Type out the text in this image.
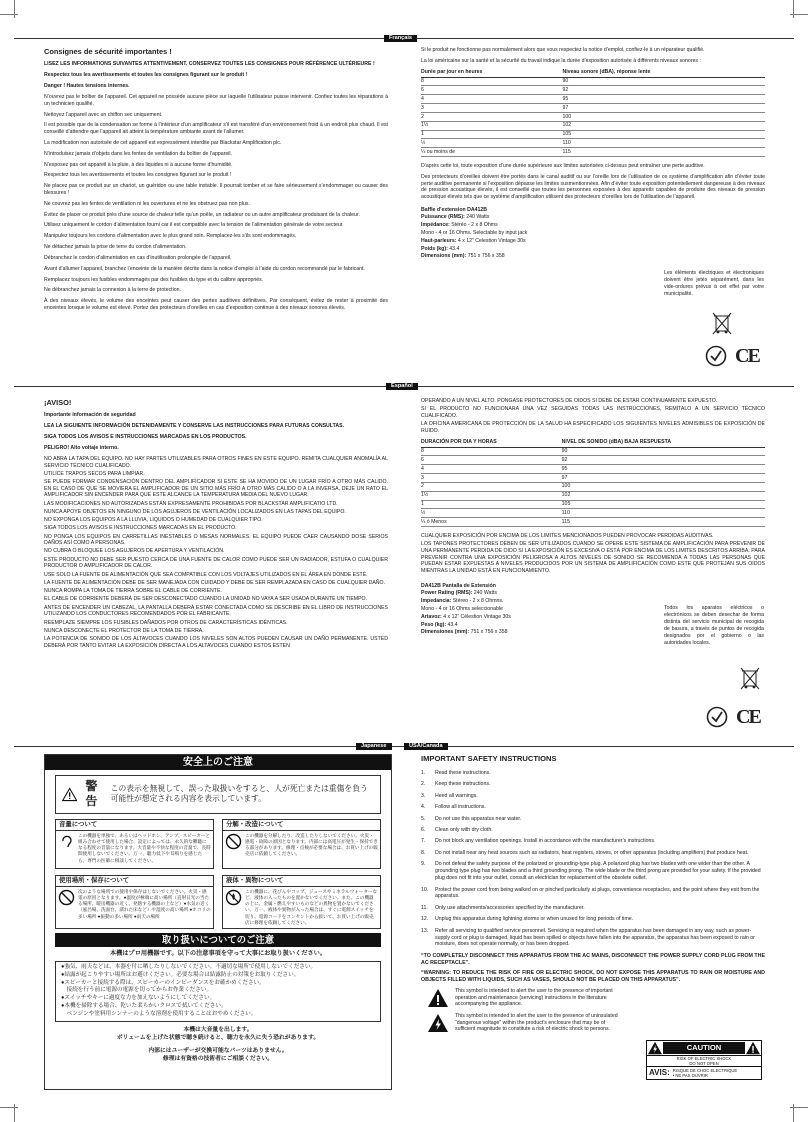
Français
Consignes de sécurité importantes !

LISEZ LES INFORMATIONS SUIVANTES ATTENTIVEMENT. CONSERVEZ TOUTES LES CONSIGNES POUR RÉFÉRENCE ULTÉRIEURE !

Respectez tous les avertissements et toutes les consignes figurant sur le produit !

Danger ! Hautes tensions internes.

N’ouvrez pas le boîtier de l’appareil. Cet appareil ne possède aucune pièce sur laquelle l’utilisateur puisse intervenir. Confiez toutes les réparations à un technicien qualifié.

Nettoyez l’appareil avec un chiffon sec uniquement.

Il est possible que de la condensation se forme à l’intérieur d’un amplificateur s’il est transféré d’un environnement froid à un endroit plus chaud. Il est conseillé d’attendre que l’appareil ait atteint la température ambiante avant de l’allumer.

La modification non autorisée de cet appareil est expressément interdite par Blackstar Amplification plc.

N’introduisez jamais d’objets dans les fentes de ventilation du boîtier de l’appareil.

N’exposez pas cet appareil à la pluie, à des liquides ni à aucune forme d’humidité.

Respectez tous les avertissements et toutes les consignes figurant sur le produit !

Ne placez pas ce produit sur un chariot, un guéridon ou une table instable. Il pourrait tomber et se faire sérieusement s’endommager ou causer des blessures !

Ne couvrez pas les fentes de ventilation ni les ouvertures et ne les obstruez pas non plus.

Évitez de placer ce produit près d’une source de chaleur telle qu’un poêle, un radiateur ou un autre amplificateur produisant de la chaleur.

Utilisez uniquement le cordon d’alimentation fourni car il est compatible avec la tension de l’alimentation générale de votre secteur.

Manipulez toujours les cordons d’alimentation avec le plus grand soin. Remplacez-les s’ils sont endommagés.

Ne détachez jamais la prise de terre du cordon d’alimentation.

Débranchez le cordon d’alimentation en cas d’inutilisation prolongée de l’appareil.

Avant d’allumer l’appareil, branchez l’enceinte de la manière décrite dans la notice d’emploi à l’aide du cordon recommandé par le fabricant.

Remplacez toujours les fusibles endommagés par des fusibles du type et du calibre appropriés.

Ne débranchez jamais la connexion à la terre de protection.

À des niveaux élevés, le volume des enceintes peut causer des pertes auditives définitives. Par conséquent, évitez de rester à proximité des enceintes lorsque le volume est élevé. Portez des protecteurs d’oreilles en cas d’exposition continue à des niveaux sonores élevés.

Si le produit ne fonctionne pas normalement alors que vous respectez la notice d’emploi, confiez-le à un réparateur qualifié.

La loi américaine sur la santé et la sécurité du travail indique la durée d’exposition autorisée à différents niveaux sonores :

Durée par jour en heures	Niveau sonore (dBA), réponse lente
8	90
6	92
4	95
3	97
2	100
1½	102
1	105
½	110
¼ ou moins de	115

D’après cette loi, toute exposition d’une durée supérieure aux limites autorisées ci-dessus peut entraîner une perte auditive.

Des protecteurs d’oreilles doivent être portés dans le canal auditif ou sur l’oreille lors de l’utilisation de ce système d’amplification afin d’éviter toute perte auditive permanente si l’exposition dépasse les limites susmentionnées. Afin d’éviter toute exposition potentiellement dangereuse à des niveaux de pression acoustique élevés, il est conseillé que toutes les personnes exposées à des appareils capables de produire des niveaux de pression acoustique élevés tels que ce système d’amplification utilisent des protecteurs d’oreilles lors de l’utilisation de l’appareil.

Baffle d’extension DA412B
Puissance (RMS): 240 Watts
Impédance: Stéréo - 2 x 8 Ohms
Mono - 4 or 16 Ohms. Selectable by input jack
Haut-parleurs: 4 x 12” Celestion Vintage 30s
Poids (kg): 43.4
Dimensions (mm): 751 x 756 x 358
Les éléments électriques et électroniques doivent être jetés séparément, dans les vide-ordures prévus à cet effet par votre municipalité.
CE
Español
¡AVISO!

Importante información de seguridad

LEA LA SIGUIENTE INFORMACIÓN DETENIDAMENTE Y CONSERVE LAS INSTRUCCIONES PARA FUTURAS CONSULTAS.

SIGA TODOS LOS AVISOS E INSTRUCCIONES MARCADAS EN LOS PRODUCTOS.

PELIGRO! Alto voltaje interno.

NO ABRA LA TAPA DEL EQUIPO. NO HAY PARTES UTILIZABLES PARA OTROS FINES EN ESTE EQUIPO. REMITA CUALQUIER ANOMALÍA AL SERVICIO TÉCNICO CUALIFICADO.

UTILICE TRAPOS SECOS PARA LIMPIAR.

SE PUEDE FORMAR CONDENSACIÓN DENTRO DEL AMPLIFICADOR SI ESTE SE HA MOVIDO DE UN LUGAR FRÍO A OTRO MÁS CALIDO. EN EL CASO DE QUE SE MOVIERA EL AMPLIFICADOR DE UN SITIO MÁS FRÍO A OTRO MÁS CALIDO O A LA INVERSA, DEJE UN RATO EL AMPLIFICADOR SIN ENCENDER PARA QUE ESTE ALCANCE LA TEMPERATURA MEDIA DEL NUEVO LUGAR.

LAS MODIFICACIONES NO AUTORIZADAS ESTÁN EXPRESAMENTE PROHIBIDAS POR BLACKSTAR AMPLIFICATIO LTD.

NUNCA APOYE OBJETOS EN NINGUNO DE LOS AGUJEROS DE VENTILACIÓN LOCALIZADOS EN LAS TAPAS DEL EQUIPO.

NO EXPONGA LOS EQUIPOS A LA LLUVIA, LIQUIDOS O HUMEDAD DE CUALQUIER TIPO.

SIGA TODOS LOS AVISOS E INSTRUCCIONES MARCADAS EN EL PRODUCTO.

NO PONGA LOS EQUIPOS EN CARRETILLAS INESTABLES O MESAS NORMALES. EL EQUIPO PUEDE CAER CAUSANDO DOSE SERIOS DAÑOS ASÍ COMO A PERSONAS.

NO CUBRA O BLOQUEE LOS AGUJEROS DE APERTURA Y VENTILACIÓN.

ESTE PRODUCTO NO DEBE SER PUESTO CERCA DE UNA FUENTE DE CALOR COMO PUEDE SER UN RADIADOR, ESTUFA O CUALQUIER PRODUCTOR O AMPLIFICADOR DE CALOR.

USE SOLO LA FUENTE DE ALIMENTACIÓN QUE SEA COMPATIBLE CON LOS VOLTAJES UTILIZADOS EN EL ÁREA EN DONDE ESTÉ.

LA FUENTE DE ALIMENTACIÓN DEBE DE SER MANEJADA CON CUIDADO Y DEBE DE SER REMPLAZADA EN CASO DE CUALQUIER DAÑO.

NUNCA ROMPA LA TOMA DE TIERRA SOBRE EL CABLE DE CORRIENTE.

EL CABLE DE CORRIENTE DEBERÁ DE SER DESCONECTADO CUANDO LA UNIDAD NO VAYA A SER USADA DURANTE UN TIEMPO.

ANTES DE ENCENDER UN CABEZAL, LA PANTALLA DEBERÁ ESTAR CONECTADA COMO SE DESCRIBE EN EL LIBRO DE INSTRUCCIONES UTILIZANDO LOS CONDUCTORES RECOMENDADOS POR EL FABRICANTE.

REEMPLAZE SIEMPRE LOS FUSIBLES DAÑADOS POR OTROS DE CARACTERÍSTICAS IDÉNTICAS.

NUNCA DESCONECTE EL PROTECTOR DE LA TOMA DE TIERRA.

LA POTENCIA DE SONIDO DE LOS ALTAVOCES CUANDO LOS NIVELES SON ALTOS PUEDEN CAUSAR UN DAÑO PERMANENTE. USTED DEBERÁ POR TANTO EVITAR LA EXPOSICIÓN DIRECTA A LOS ALTAVOCES CUANDO ESTOS ESTEN

OPERANDO A UN NIVEL ALTO. PONGASE PROTECTORES DE OIDOS SI DEBE DE ESTAR CONTINUAMENTE EXPUESTO.

SI EL PRODUCTO NO FUNCIONARA UNA VEZ SEGUIDAS TODAS LAS INSTRUCCIONES, REMITALO A UN SERVICIO TÉCNICO CUALIFICADO.

LA OFICINA AMERICANA DE PROTECCIÓN DE LA SALUD HA ESPECIFICADO LOS SIGUIENTES NIVELES ADMISIBLES DE EXPOSICIÓN DE RUIDO.

DURACIÓN POR DIA Y HORAS	NIVEL DE SONIDO (dBA) BAJA RESPUESTA
8	90
6	92
4	95
3	97
2	100
1½	102
1	105
½	110
¼ ó Menos	115

CUALQUIER EXPOSICIÓN POR ENCIMA DE LOS LIMITES MENCIONADOS PUEDEN PROVOCAR PERDIDAS AUDITIVAS.

LOS TAPONES PROTECTORES DEBEN DE SER UTILIZADOS CUANDO SE OPERE ESTE SISTEMA DE AMPLIFICACIÓN PARA PREVENIR DE UNA PERMANENTE PERDIDA DE OIDO SI LA EXPOSICIÓN ES EXCESIVA O ESTÁ POR ENCIMA DE LOS LIMITES DESCRITOS ARRIBA. PARA PREVENIR CONTRA UNA EXPOSICIÓN PELIGROSA A ALTOS NIVELES DE SONIDO SE RECOMIENDA A TODAS LAS PERSONAS QUE PUEDAN ESTAR EXPUESTAS A NIVELES PRODUCIDOS POR UN SISTEMA DE AMPLIFICACIÓN COMO ESTE QUE PROTEJAN SUS OIDOS MIENTRAS LA UNIDAD ESTÁ EN FUNCIONAMIENTO.

DA412B Pantalla de Extensión
Power Rating (RMS): 240 Watts
Impedancia: Stéreo - 2 x 8 Ohmns.
Mono - 4 or 16 Ohms seleccionable
Artavoz: 4 x 12” Cèlestion Vintage 30s
Peso (kg): 43.4
Dimensiones (mm): 751 x 756 x 358
Todos los aparatos eléctricos o electrónicos se deben desechar de forma distinta del servicio municipal de recogida de basura, a través de puntos de recogida designados por el gobierno o las autoridades locales.
CE
Japanese	USA/Canada
安全上のご注意
警告
この表示を無視して、誤った取扱いをすると、人が死亡または重傷を負う可能性が想定される内容を表示しています。
音量について
この機器を単独で、あるいはヘッドホン、アンプ、スピーカーと組み合わせて使用した場合、設定によっては、永久的な難聴になる程度の音量になります。大音量や不快な程度の音量で、長時間使用しないでください。万一、聴力低下や耳鳴りを感じたら、専門の医師に相談してください。
分解・改造について
この機器を分解したり、改造したりしないでください。火災・感電・故障の原因となります。内部には高電圧が発生・保持できる部分があります。修理・点検が必要な場合は、お買い上げの販売店に依頼してください。
使用場所・保存について
次のような場所での使用や保存はしないでください。火災・感電の原因となります。●温度が極端に高い場所（直射日光の当たる場所、暖房機器の近く、発熱する機器の上など）●水気の近く（風呂場、洗面台、濡れた床など）や湿度の高い場所 ●ホコリの多い場所 ●振動の多い場所 ●雨天の場所
液体・異物について
この機器に、花びんやコップ、ジュースやミネラルウォーターなど、液体の入ったものを置かないでください。また、この機器の上に、金属・燃えやすいものなどの異物を置かないでください。万一、液体や異物が入った場合は、すぐに電源スイッチを切り、電源コードをコンセントから抜いて、お買い上げの販売店に修理を依頼してください。
取り扱いについてのご注意
本機はプロ用機器です。以下の注意事項を守って大事にお取り扱いください。
●強気、雨天などは、本器を付に晒したりしないでください。不適切な場所で使用しないでください。
●結露が起こりやすい場所はお避けください。必要な場合は結露防止の対策をお取りください。
●スピーカーと接続する際は、スピーカーのインピーダンスをお確かめください。
　接続を行う前に電源の電源を切ってからお作業ください。
●スイッチやキーに過度な力を加えないようにしてください。
●本機を掃除する場合、乾いた柔らかいクロスで拭いてください。
　ベンジンや塗料用シンナーのような溶剤を使用することはおやめください。
本機は大音量を出します。
ボリュームを上げた状態で聴き続けると、聴力を永久に失う恐れがあります。
内部にはユーザーが交換可能なパーツはありません。
修理は有資格の技術者にご相談ください。
IMPORTANT SAFETY INSTRUCTIONS
1.	Read these instructions.
2.	Keep these instructions.
3.	Heed all warnings.
4.	Follow all instructions.
5.	Do not use this apparatus near water.
6.	Clean only with dry cloth.
7.	Do not block any ventilation openings. Install in accordance with the manufacturer’s instructions.
8.	Do not install near any heat sources such as radiators, heat registers, stoves, or other apparatus (including amplifiers) that produce heat.
9.	Do not defeat the safety purpose of the polarized or grounding-type plug. A polarized plug has two blades with one wider than the other. A grounding type plug has two blades and a third grounding prong. The wide blade or the third prong are provided for your safety. If the provided plug does not fit into your outlet, consult an electrician for replacement of the obsolete outlet.
10.	Protect the power cord from being walked on or pinched particularly at plugs, convenience receptacles, and the point where they exit from the apparatus.
11.	Only use attachments/accessories specified by the manufacturer.
12.	Unplug this apparatus during lightning storms or when unused for long periods of time.
13.	Refer all servicing to qualified service personnel. Servicing is required when the apparatus has been damaged in any way, such as power-supply cord or plug is damaged, liquid has been spilled or objects have fallen into the apparatus, the apparatus has been exposed to rain or moisture, does not operate normally, or has been dropped.
“TO COMPLETELY DISCONNECT THIS APPARATUS FROM THE AC MAINS, DISCONNECT THE POWER SUPPLY CORD PLUG FROM THE AC RECEPTACLE”.
“WARNING: TO REDUCE THE RISK OF FIRE OR ELECTRIC SHOCK, DO NOT EXPOSE THIS APPARATUS TO RAIN OR MOISTURE AND OBJECTS FILLED WITH LIQUIDS, SUCH AS VASES, SHOULD NOT BE PLACED ON THIS APPARATUS”.
This symbol is intended to alert the user to the presence of important operation and maintenance (servicing) instructions in the literature accompanying the appliance.
This symbol is intended to alert the user to the presence of uninsulated “dangerous voltage” within the product’s enclosure that may be of sufficient magnitude to constitute a risk of electric shock to persons.
CAUTION
RISK OF ELECTRIC SHOCK
DO NOT OPEN
AVIS: RISQUE DE CHOC ELECTRIQUE
• NE PAS OUVRIR
